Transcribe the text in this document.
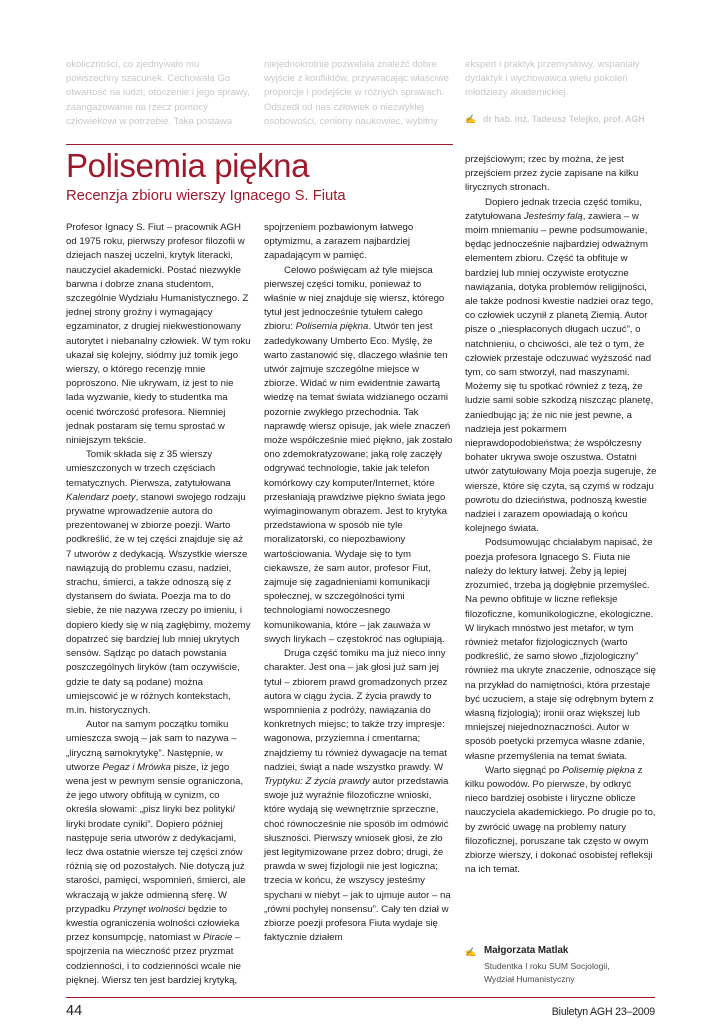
okoliczności, co zjednywało mu
powszechny szacunek. Cechowała Go
otwartość na ludzi, otoczenie i jego sprawy,
zaangażowanie na rzecz pomocy
człowiekowi w potrzebie. Taka postawa
niejednokrotnie pozwalała znaleźć dobre
wyjście z konfliktów, przywracając właściwe
proporcje i podejście w różnych sprawach.
Odszedł od nas człowiek o niezwykłej
osobowości, ceniony naukowiec, wybitny
ekspert i praktyk przemysłowy, wspaniały
dydaktyk i wychowawca wielu pokoleń
młodzieży akademickiej.
✍ dr hab. inż. Tadeusz Telejko, prof. AGH
Polisemia piękna
Recenzja zbioru wierszy Ignacego S. Fiuta

Profesor Ignacy S. Fiut – pracownik AGH od 1975 roku, pierwszy profesor filozofii w dziejach naszej uczelni, krytyk literacki, nauczyciel akademicki. Postać niezwykle barwna i dobrze znana studentom, szczególnie Wydziału Humanistycznego. Z jednej strony groźny i wymagający egzaminator, z drugiej niekwestionowany autorytet i niebanalny człowiek. W tym roku ukazał się kolejny, siódmy już tomik jego wierszy, o którego recenzję mnie poproszono. Nie ukrywam, iż jest to nie lada wyzwanie, kiedy to studentka ma ocenić twórczość profesora. Niemniej jednak postaram się temu sprostać w niniejszym tekście.

Tomik składa się z 35 wierszy umieszczonych w trzech częściach tematycznych. Pierwsza, zatytułowana Kalendarz poety, stanowi swojego rodzaju prywatne wprowadzenie autora do prezentowanej w zbiorze poezji. Warto podkreślić, że w tej części znajduje się aż 7 utworów z dedykacją. Wszystkie wiersze nawiązują do problemu czasu, nadziei, strachu, śmierci, a także odnoszą się z dystansem do świata. Poezja ma to do siebie, że nie nazywa rzeczy po imieniu, i dopiero kiedy się w nią zagłębimy, możemy dopatrzeć się bardziej lub mniej ukrytych sensów. Sądząc po datach powstania poszczególnych liryków (tam oczywiście, gdzie te daty są podane) można umiejscowić je w różnych kontekstach, m.in. historycznych.

Autor na samym początku tomiku umieszcza swoją – jak sam to nazywa – „liryczną samokrytykę”. Następnie, w utworze Pegaz i Mrówka pisze, iż jego wena jest w pewnym sensie ograniczona, że jego utwory obfitują w cynizm, co określa słowami: „pisz liryki bez polityki/ liryki brodate cyniki”. Dopiero później następuje seria utworów z dedykacjami, lecz dwa ostatnie wiersze tej części znów różnią się od pozostałych. Nie dotyczą już starości, pamięci, wspomnień, śmierci, ale wkraczają w jakże odmienną sferę. W przypadku Przynęt wolności będzie to kwestia ograniczenia wolności człowieka przez konsumpcję, natomiast w Piracie – spojrzenia na wieczność przez pryzmat codzienności, i to codzienności wcale nie pięknej. Wiersz ten jest bardziej krytyką,

spojrzeniem pozbawionym łatwego optymizmu, a zarazem najbardziej zapadającym w pamięć.

Celowo poświęcam aż tyle miejsca pierwszej części tomiku, ponieważ to właśnie w niej znajduje się wiersz, którego tytuł jest jednocześnie tytułem całego zbioru: Polisemia piękna. Utwór ten jest zadedykowany Umberto Eco. Myślę, że warto zastanowić się, dlaczego właśnie ten utwór zajmuje szczególne miejsce w zbiorze. Widać w nim ewidentnie zawartą wiedzę na temat świata widzianego oczami pozornie zwykłego przechodnia. Tak naprawdę wiersz opisuje, jak wiele znaczeń może współcześnie mieć piękno, jak zostało ono zdemokratyzowane; jaką rolę zaczęły odgrywać technologie, takie jak telefon komórkowy czy komputer/Internet, które przesłaniają prawdziwe piękno świata jego wyimaginowanym obrazem. Jest to krytyka przedstawiona w sposób nie tyle moralizatorski, co niepozbawiony wartościowania. Wydaje się to tym ciekawsze, że sam autor, profesor Fiut, zajmuje się zagadnieniami komunikacji społecznej, w szczególności tymi technologiami nowoczesnego komunikowania, które – jak zauważa w swych lirykach – częstokroć nas ogłupiają.

Druga część tomiku ma już nieco inny charakter. Jest ona – jak głosi już sam jej tytuł – zbiorem prawd gromadzonych przez autora w ciągu życia. Z życia prawdy to wspomnienia z podróży, nawiązania do konkretnych miejsc; to także trzy impresje: wagonowa, przyziemna i cmentarna; znajdziemy tu również dywagacje na temat nadziei, świąt a nade wszystko prawdy. W Tryptyku: Z życia prawdy autor przedstawia swoje już wyraźnie filozoficzne wnioski, które wydają się wewnętrznie sprzeczne, choć równocześnie nie sposób im odmówić słuszności. Pierwszy wniosek głosi, że zło jest legitymizowane przez dobro; drugi, że prawda w swej fizjologii nie jest logiczna; trzecia w końcu, że wszyscy jesteśmy spychani w niebyt – jak to ujmuje autor – na „równi pochyłej nonsensu”. Cały ten dział w zbiorze poezji profesora Fiuta wydaje się faktycznie działem

przejściowym; rzec by można, że jest przejściem przez życie zapisane na kilku lirycznych stronach.

Dopiero jednak trzecia część tomiku, zatytułowana Jesteśmy falą, zawiera – w moim mniemaniu – pewne podsumowanie, będąc jednocześnie najbardziej odważnym elementem zbioru. Część ta obfituje w bardziej lub mniej oczywiste erotyczne nawiązania, dotyka problemów religijności, ale także podnosi kwestie nadziei oraz tego, co człowiek uczynił z planetą Ziemią. Autor pisze o „niespłaconych długach uczuć”, o natchnieniu, o chciwości, ale też o tym, że człowiek przestaje odczuwać wyższość nad tym, co sam stworzył, nad maszynami. Możemy się tu spotkać również z tezą, że ludzie sami sobie szkodzą niszcząc planetę, zaniedbując ją; że nic nie jest pewne, a nadzieja jest pokarmem nieprawdopodobieństwa; że współczesny bohater ukrywa swoje oszustwa. Ostatni utwór zatytułowany Moja poezja sugeruje, że wiersze, które się czyta, są czymś w rodzaju powrotu do dzieciństwa, podnoszą kwestie nadziei i zarazem opowiadają o końcu kolejnego świata.

Podsumowując chciałabym napisać, że poezja profesora Ignacego S. Fiuta nie należy do lektury łatwej. Żeby ją lepiej zrozumieć, trzeba ją dogłębnie przemyśleć. Na pewno obfituje w liczne refleksje filozoficzne, komunikologiczne, ekologiczne. W lirykach mnóstwo jest metafor, w tym również metafor fizjologicznych (warto podkreślić, że samo słowo „fizjologiczny” również ma ukryte znaczenie, odnoszące się na przykład do namiętności, która przestaje być uczuciem, a staje się odrębnym bytem z własną fizjologią); ironii oraz większej lub mniejszej niejednoznaczności. Autor w sposób poetycki przemyca własne zdanie, własne przemyślenia na temat świata.

Warto sięgnąć po Polisemię piękna z kilku powodów. Po pierwsze, by odkryć nieco bardziej osobiste i liryczne oblicze nauczyciela akademickiego. Po drugie po to, by zwrócić uwagę na problemy natury filozoficznej, poruszane tak często w owym zbiorze wierszy, i dokonać osobistej refleksji na ich temat.

✍ Małgorzata Matlak
Studentka I roku SUM Socjologii,
Wydział Humanistyczny
44	Biuletyn AGH 23–2009
